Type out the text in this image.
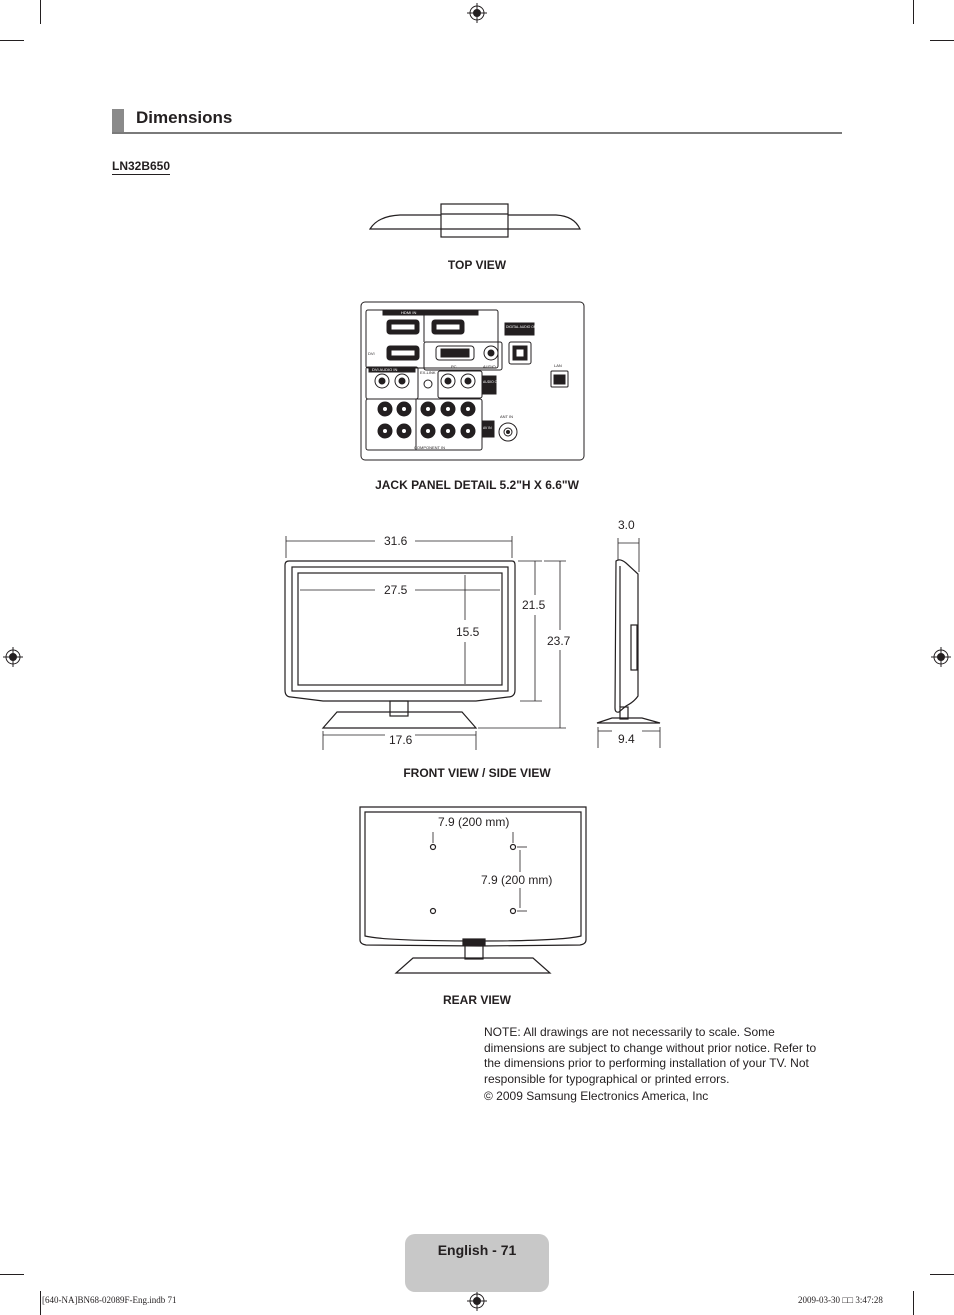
Dimensions
LN32B650
TOP VIEW
HDMI IN
DVI
PC	AUDIO
DIGITAL AUDIO OUT (OPTICAL)
LAN
DVI AUDIO IN
EX-LINK
AUDIO OUT
COMPONENT IN
AV IN
ANT IN
JACK PANEL DETAIL 5.2"H X 6.6"W
31.6
27.5
15.5
21.5
23.7
17.6
3.0
9.4
FRONT VIEW / SIDE VIEW
7.9 (200 mm)
7.9 (200 mm)
REAR VIEW
NOTE: All drawings are not necessarily to scale. Some dimensions are subject to change without prior notice. Refer to the dimensions prior to performing installation of your TV. Not responsible for typographical or printed errors.
© 2009 Samsung Electronics America, Inc
English - 71
[640-NA]BN68-02089F-Eng.indb 71	2009-03-30 □□ 3:47:28
